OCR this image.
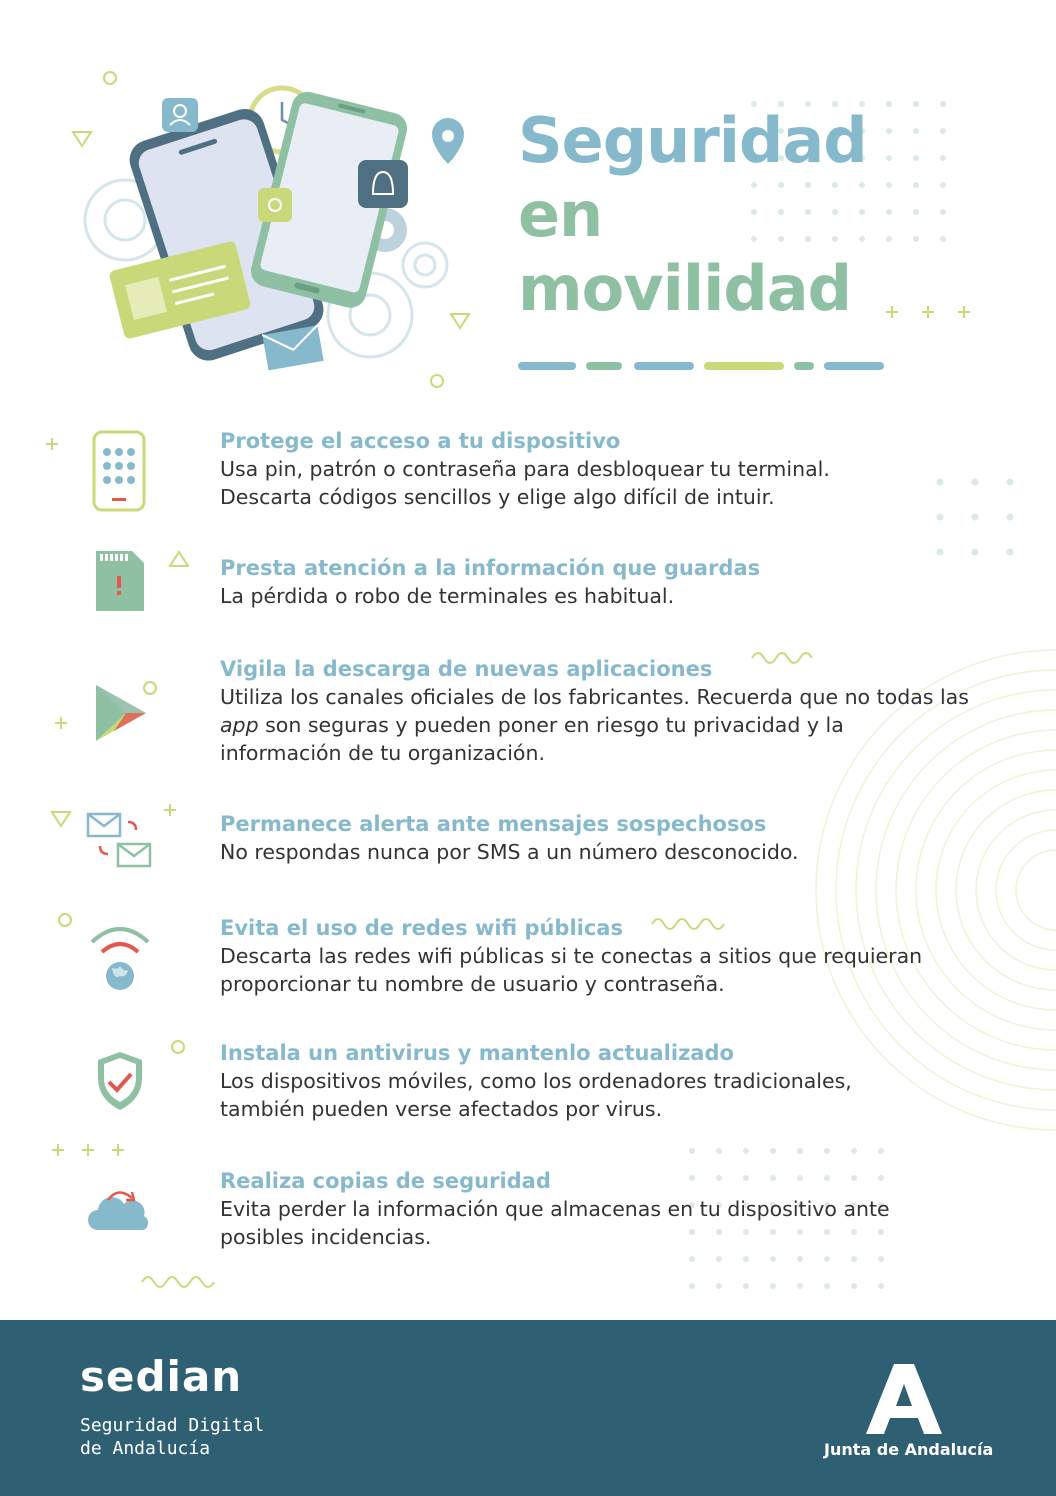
Seguridad
en
movilidad
Protege el acceso a tu dispositivo

Usa pin, patrón o contraseña para desbloquear tu terminal. Descarta códigos sencillos y elige algo difícil de intuir.

Presta atención a la información que guardas

La pérdida o robo de terminales es habitual.

Vigila la descarga de nuevas aplicaciones

Utiliza los canales oficiales de los fabricantes. Recuerda que no todas las app son seguras y pueden poner en riesgo tu privacidad y la información de tu organización.

Permanece alerta ante mensajes sospechosos

No respondas nunca por SMS a un número desconocido.

Evita el uso de redes wifi públicas

Descarta las redes wifi públicas si te conectas a sitios que requieran proporcionar tu nombre de usuario y contraseña.

Instala un antivirus y mantenlo actualizado

Los dispositivos móviles, como los ordenadores tradicionales, también pueden verse afectados por virus.

Realiza copias de seguridad

Evita perder la información que almacenas en tu dispositivo ante posibles incidencias.

sedian
Seguridad Digital
de Andalucía	Junta de Andalucía
